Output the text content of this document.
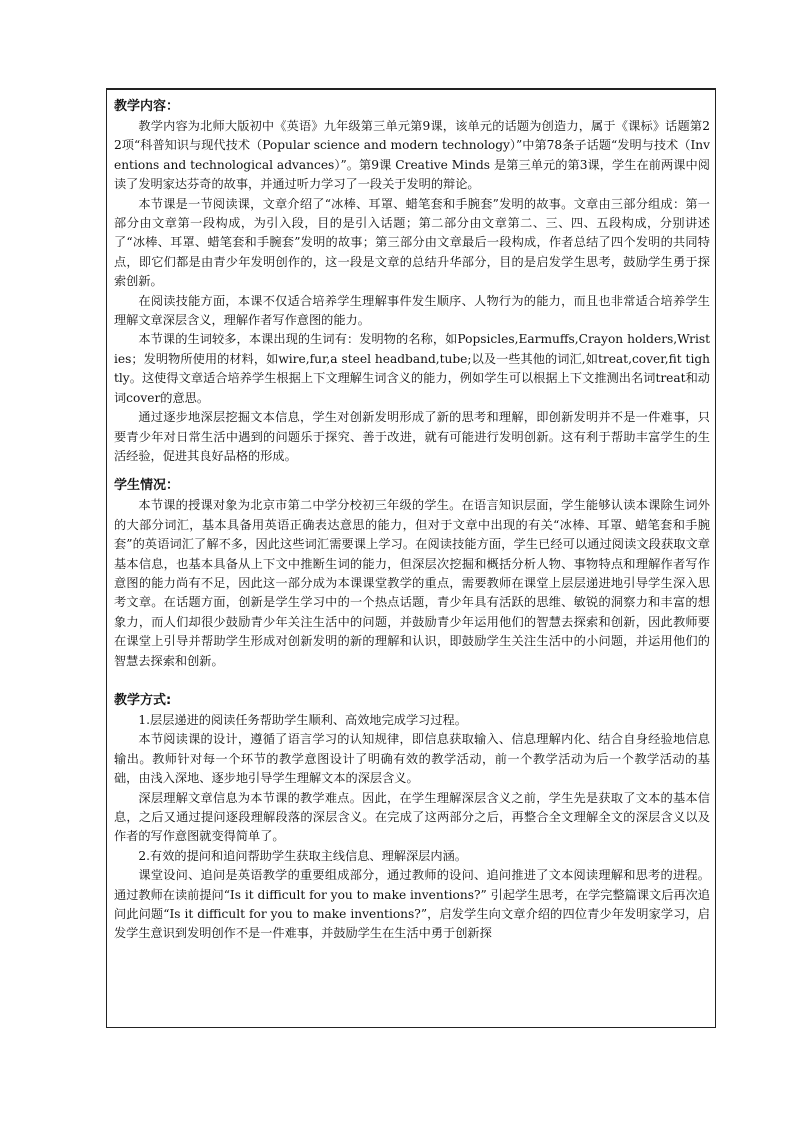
教学内容：

教学内容为北师大版初中《英语》九年级第三单元第9课，该单元的话题为创造力，属于《课标》话题第22项“科普知识与现代技术（Popular science and modern technology）”中第78条子话题“发明与技术（Inventions and technological advances）”。第9课 Creative Minds 是第三单元的第3课，学生在前两课中阅读了发明家达芬奇的故事，并通过听力学习了一段关于发明的辩论。

本节课是一节阅读课，文章介绍了“冰棒、耳罩、蜡笔套和手腕套”发明的故事。文章由三部分组成：第一部分由文章第一段构成，为引入段，目的是引入话题；第二部分由文章第二、三、四、五段构成，分别讲述了“冰棒、耳罩、蜡笔套和手腕套”发明的故事；第三部分由文章最后一段构成，作者总结了四个发明的共同特点，即它们都是由青少年发明创作的，这一段是文章的总结升华部分，目的是启发学生思考，鼓励学生勇于探索创新。

在阅读技能方面，本课不仅适合培养学生理解事件发生顺序、人物行为的能力，而且也非常适合培养学生理解文章深层含义，理解作者写作意图的能力。

本节课的生词较多，本课出现的生词有：发明物的名称，如Popsicles,Earmuffs,Crayon holders,Wristies；发明物所使用的材料，如wire,fur,a steel headband,tube;以及一些其他的词汇,如treat,cover,fit tightly。这使得文章适合培养学生根据上下文理解生词含义的能力，例如学生可以根据上下文推测出名词treat和动词cover的意思。

通过逐步地深层挖掘文本信息，学生对创新发明形成了新的思考和理解，即创新发明并不是一件难事，只要青少年对日常生活中遇到的问题乐于探究、善于改进，就有可能进行发明创新。这有利于帮助丰富学生的生活经验，促进其良好品格的形成。

学生情况：

本节课的授课对象为北京市第二中学分校初三年级的学生。在语言知识层面，学生能够认读本课除生词外的大部分词汇，基本具备用英语正确表达意思的能力，但对于文章中出现的有关“冰棒、耳罩、蜡笔套和手腕套”的英语词汇了解不多，因此这些词汇需要课上学习。在阅读技能方面，学生已经可以通过阅读文段获取文章基本信息，也基本具备从上下文中推断生词的能力，但深层次挖掘和概括分析人物、事物特点和理解作者写作意图的能力尚有不足，因此这一部分成为本课课堂教学的重点，需要教师在课堂上层层递进地引导学生深入思考文章。在话题方面，创新是学生学习中的一个热点话题，青少年具有活跃的思维、敏锐的洞察力和丰富的想象力，而人们却很少鼓励青少年关注生活中的问题，并鼓励青少年运用他们的智慧去探索和创新，因此教师要在课堂上引导并帮助学生形成对创新发明的新的理解和认识，即鼓励学生关注生活中的小问题，并运用他们的智慧去探索和创新。

教学方式:

1.层层递进的阅读任务帮助学生顺利、高效地完成学习过程。

本节阅读课的设计，遵循了语言学习的认知规律，即信息获取输入、信息理解内化、结合自身经验地信息输出。教师针对每一个环节的教学意图设计了明确有效的教学活动，前一个教学活动为后一个教学活动的基础，由浅入深地、逐步地引导学生理解文本的深层含义。

深层理解文章信息为本节课的教学难点。因此，在学生理解深层含义之前，学生先是获取了文本的基本信息，之后又通过提问逐段理解段落的深层含义。在完成了这两部分之后，再整合全文理解全文的深层含义以及作者的写作意图就变得简单了。

2.有效的提问和追问帮助学生获取主线信息、理解深层内涵。

课堂设问、追问是英语教学的重要组成部分，通过教师的设问、追问推进了文本阅读理解和思考的进程。通过教师在读前提问“Is it difficult for you to make inventions?” 引起学生思考，在学完整篇课文后再次追问此问题“Is it difficult for you to make inventions?”，启发学生向文章介绍的四位青少年发明家学习，启发学生意识到发明创作不是一件难事，并鼓励学生在生活中勇于创新探
